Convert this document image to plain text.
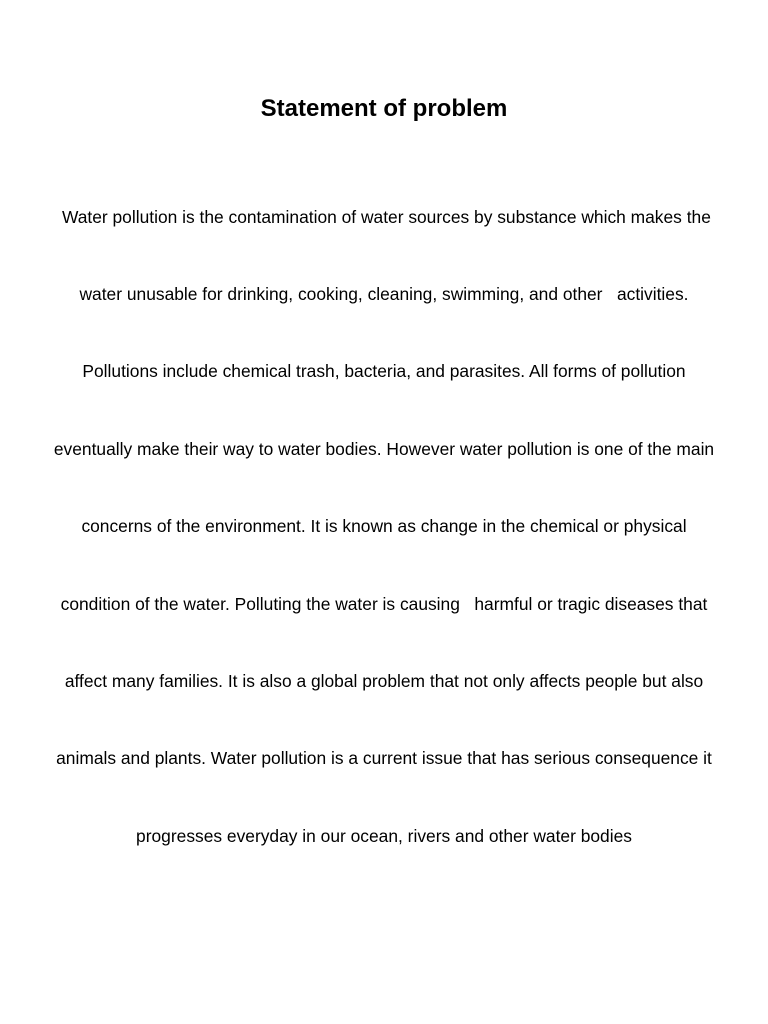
Statement of problem

Water pollution is the contamination of water sources by substance which makes the

water unusable for drinking, cooking, cleaning, swimming, and other   activities.

Pollutions include chemical trash, bacteria, and parasites. All forms of pollution

eventually make their way to water bodies. However water pollution is one of the main

concerns of the environment. It is known as change in the chemical or physical

condition of the water. Polluting the water is causing   harmful or tragic diseases that

affect many families. It is also a global problem that not only affects people but also

animals and plants. Water pollution is a current issue that has serious consequence it

progresses everyday in our ocean, rivers and other water bodies
